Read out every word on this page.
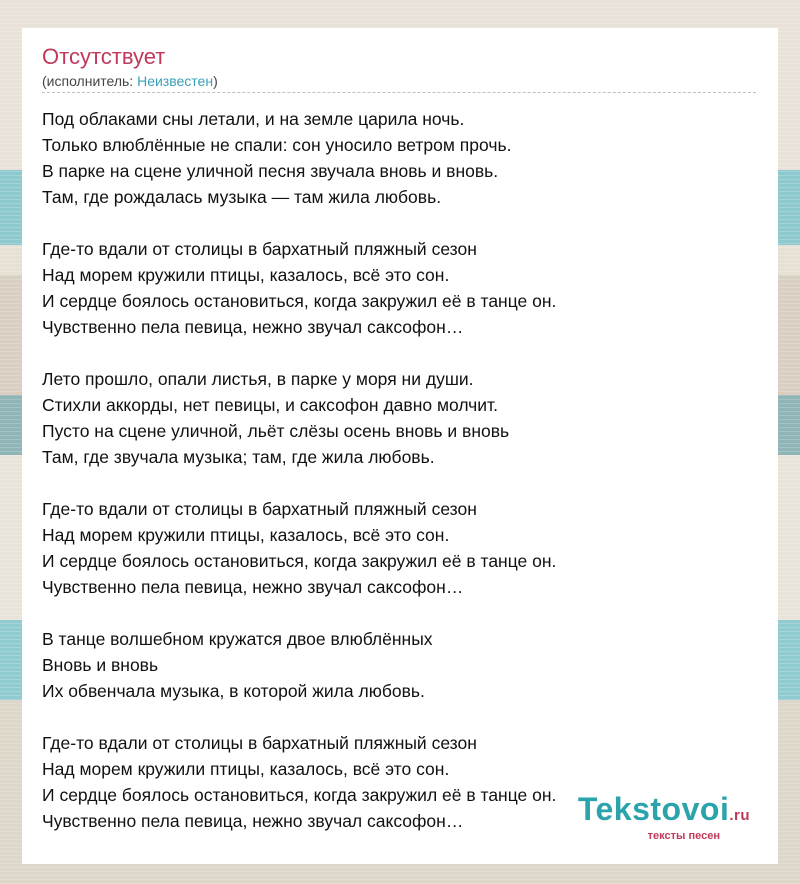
Отсутствует
(исполнитель: Неизвестен)
Под облаками сны летали, и на земле царила ночь.
Только влюблённые не спали: сон уносило ветром прочь.
В парке на сцене уличной песня звучала вновь и вновь.
Там, где рождалась музыка — там жила любовь.
Где-то вдали от столицы в бархатный пляжный сезон
Над морем кружили птицы, казалось, всё это сон.
И сердце боялось остановиться, когда закружил её в танце он.
Чувственно пела певица, нежно звучал саксофон…
Лето прошло, опали листья, в парке у моря ни души.
Стихли аккорды, нет певицы, и саксофон давно молчит.
Пусто на сцене уличной, льёт слёзы осень вновь и вновь
Там, где звучала музыка; там, где жила любовь.
Где-то вдали от столицы в бархатный пляжный сезон
Над морем кружили птицы, казалось, всё это сон.
И сердце боялось остановиться, когда закружил её в танце он.
Чувственно пела певица, нежно звучал саксофон…
В танце волшебном кружатся двое влюблённых
Вновь и вновь
Их обвенчала музыка, в которой жила любовь.
Где-то вдали от столицы в бархатный пляжный сезон
Над морем кружили птицы, казалось, всё это сон.
И сердце боялось остановиться, когда закружил её в танце он.
Чувственно пела певица, нежно звучал саксофон…	Tekstovoi.ru
тексты песен
